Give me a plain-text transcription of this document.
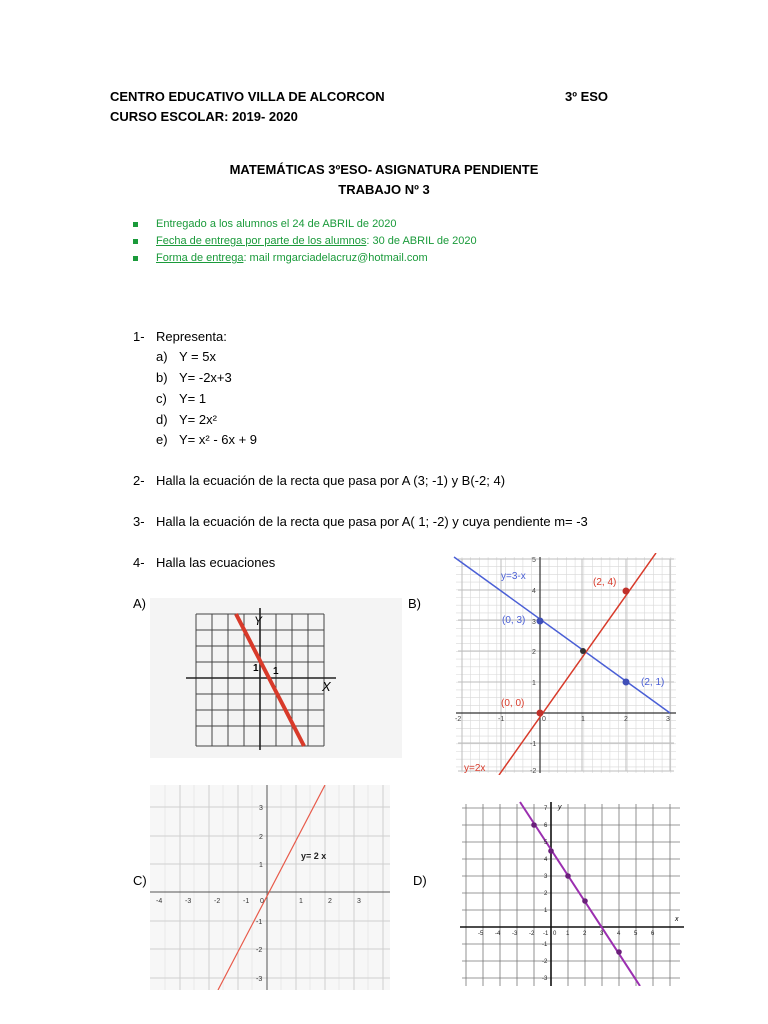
CENTRO EDUCATIVO VILLA DE ALCORCON	3º ESO
CURSO ESCOLAR: 2019- 2020
MATEMÁTICAS 3ºESO- ASIGNATURA PENDIENTE
TRABAJO Nº 3
Entregado a los alumnos el 24 de ABRIL de 2020
Fecha de entrega por parte de los alumnos: 30 de ABRIL de 2020
Forma de entrega: mail rmgarciadelacruz@hotmail.com
1- Representa:
a) Y = 5x
b) Y= -2x+3
c) Y= 1
d) Y= 2x²
e) Y= x² - 6x + 9
2- Halla la ecuación de la recta que pasa por A (3; -1) y B(-2; 4)
3- Halla la ecuación de la recta que pasa por A( 1; -2) y cuya pendiente m= -3
4- Halla las ecuaciones
A)	B)
C)	D)
Y
X
1 1
y=3-x
y=2x
(2, 4)
(0, 3)
(2, 1)
(0, 0)
-2	-1	0	1	2	3
5
4
3
2
1
-1
-2
y= 2 x
-4	-3	-2	-1 0	1	2	3
3
2
1
-1
-2
-3
y
x
-5 -4 -3 -2 -1 0 1 2 3 4 5 6
7
6
5
4
3
2
1
-1
-2
-3
